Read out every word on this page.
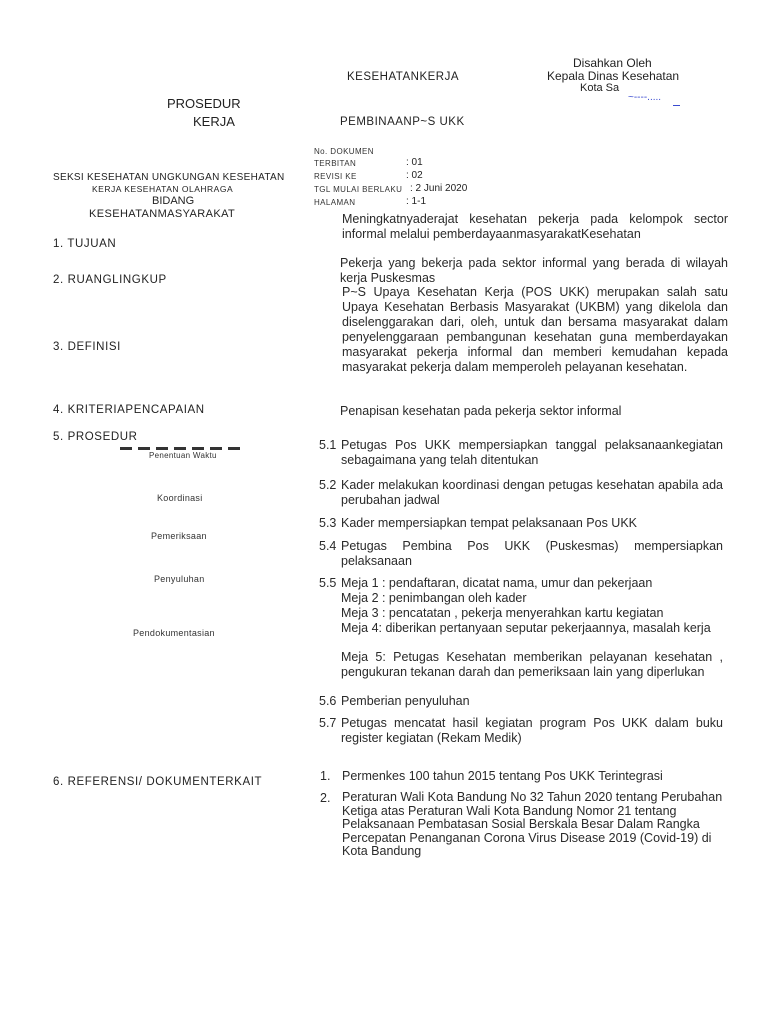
PROSEDUR
KERJA
KESEHATANKERJA
PEMBINAANP~S UKK
Disahkan Oleh
Kepala Dinas Kesehatan
Kota Sa
~----.....
SEKSI KESEHATAN UNGKUNGAN KESEHATAN
KERJA KESEHATAN OLAHRAGA
BIDANG
KESEHATANMASYARAKAT
No. DOKUMEN
TERBITAN	: 01
REVISI KE	: 02
TGL MULAI BERLAKU : 2 Juni 2020
HALAMAN	: 1-1
1. TUJUAN
2. RUANGLINGKUP
3. DEFINISI
4. KRITERIAPENCAPAIAN
5. PROSEDUR
6. REFERENSI/ DOKUMENTERKAIT
Penentuan Waktu
Koordinasi
Pemeriksaan
Penyuluhan
Pendokumentasian
Meningkatnyaderajat kesehatan pekerja pada kelompok sector informal melalui pemberdayaanmasyarakatKesehatan
Pekerja yang bekerja pada sektor informal yang berada di wilayah kerja Puskesmas
P~S Upaya Kesehatan Kerja (POS UKK) merupakan salah satu Upaya Kesehatan Berbasis Masyarakat (UKBM) yang dikelola dan diselenggarakan dari, oleh, untuk dan bersama masyarakat dalam penyelenggaraan pembangunan kesehatan guna memberdayakan masyarakat pekerja informal dan memberi kemudahan kepada masyarakat pekerja dalam memperoleh pelayanan kesehatan.
Penapisan kesehatan pada pekerja sektor informal
5.1 Petugas Pos UKK mempersiapkan tanggal pelaksanaankegiatan sebagaimana yang telah ditentukan
5.2 Kader melakukan koordinasi dengan petugas kesehatan apabila ada perubahan jadwal
5.3 Kader mempersiapkan tempat pelaksanaan Pos UKK
5.4 Petugas Pembina Pos UKK (Puskesmas) mempersiapkan pelaksanaan
5.5 Meja 1 : pendaftaran, dicatat nama, umur dan pekerjaan
Meja 2 : penimbangan oleh kader
Meja 3 : pencatatan , pekerja menyerahkan kartu kegiatan
Meja 4: diberikan pertanyaan seputar pekerjaannya, masalah kerja
Meja 5: Petugas Kesehatan memberikan pelayanan kesehatan , pengukuran tekanan darah dan pemeriksaan lain yang diperlukan
5.6 Pemberian penyuluhan
5.7 Petugas mencatat hasil kegiatan program Pos UKK dalam buku register kegiatan (Rekam Medik)
1. Permenkes 100 tahun 2015 tentang Pos UKK Terintegrasi
2. Peraturan Wali Kota Bandung No 32 Tahun 2020 tentang Perubahan Ketiga atas Peraturan Wali Kota Bandung Nomor 21 tentang Pelaksanaan Pembatasan Sosial Berskala Besar Dalam Rangka Percepatan Penanganan Corona Virus Disease 2019 (Covid-19) di Kota Bandung
